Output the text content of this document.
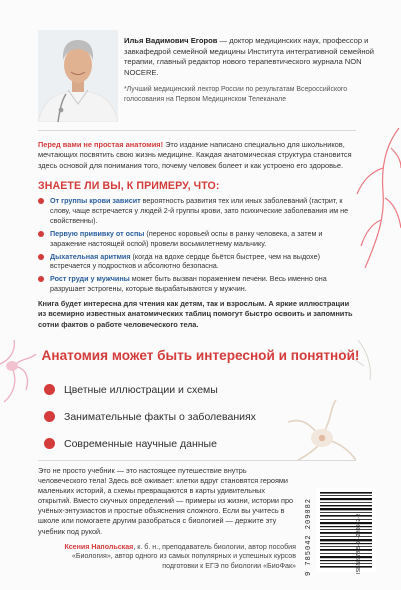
Илья Вадимович Егоров — доктор медицинских наук, профессор и завкафедрой семейной медицины Института интегративной семейной терапии, главный редактор нового терапевтического журнала NON NOCERE.

*Лучший медицинский лектор России по результатам Всероссийского голосования на Первом Медицинском Телеканале

Перед вами не простая анатомия! Это издание написано специально для школьников, мечтающих посвятить свою жизнь медицине. Каждая анатомическая структура становится здесь основой для понимания того, почему человек болеет и как устроено его здоровье.

ЗНАЕТЕ ЛИ ВЫ, К ПРИМЕРУ, ЧТО:
От группы крови зависит вероятность развития тех или иных заболеваний (гастрит, к слову, чаще встречается у людей 2-й группы крови, зато психические заболевания им не свойственны).
Первую прививку от оспы (перенос коровьей оспы в ранку человека, а затем и заражение настоящей оспой) провели восьмилетнему мальчику.
Дыхательная аритмия (когда на вдохе сердце бьётся быстрее, чем на выдохе) встречается у подростков и абсолютно безопасна.
Рост груди у мужчины может быть вызван поражением печени. Весь именно она разрушает эстрогены, которые вырабатываются у мужчин.

Книга будет интересна для чтения как детям, так и взрослым. А яркие иллюстрации из всемирно известных анатомических таблиц помогут быстро освоить и запомнить сотни фактов о работе человеческого тела.

Анатомия может быть интересной и понятной!
Цветные иллюстрации и схемы
Занимательные факты о заболеваниях
Современные научные данные

Это не просто учебник — это настоящее путешествие внутрь человеческого тела! Здесь всё оживает: клетки вдруг становятся героями маленьких историй, а схемы превращаются в карты удивительных открытий. Вместо скучных определений — примеры из жизни, истории про учёных-энтузиастов и простые объяснения сложного. Если вы учитесь в школе или помогаете другим разобраться с биологией — держите эту учебник под рукой.

Ксения Напольская, к. б. н., преподаватель биологии, автор пособия «Биология», автор одного из самых популярных и успешных курсов подготовки к ЕГЭ по биологии «БиоФак»	ISBN 978-5-04-220082-2
9 785042 209082
